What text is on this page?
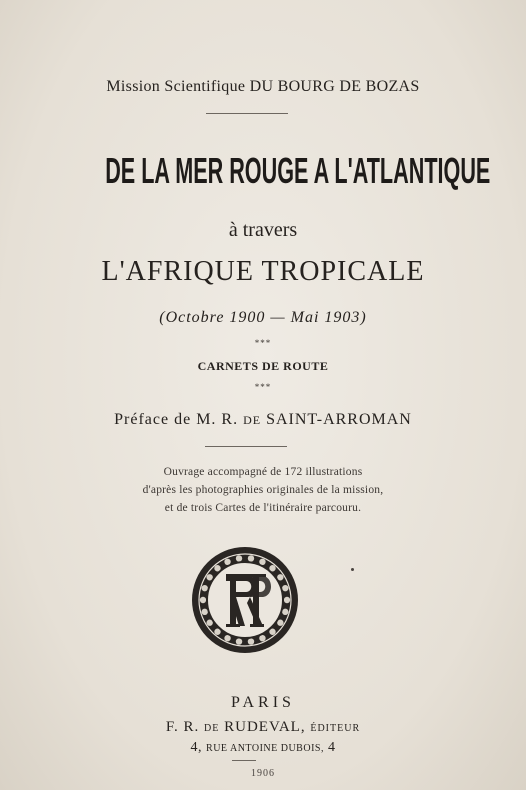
Mission Scientifique DU BOURG DE BOZAS
DE LA MER ROUGE A L'ATLANTIQUE
à travers
L'AFRIQUE TROPICALE
(Octobre 1900 — Mai 1903)
***
CARNETS DE ROUTE
***
Préface de M. R. DE SAINT-ARROMAN
Ouvrage accompagné de 172 illustrations
d'après les photographies originales de la mission,
et de trois Cartes de l'itinéraire parcouru.
PARIS
F. R. DE RUDEVAL, ÉDITEUR
4, RUE ANTOINE DUBOIS, 4
1906
